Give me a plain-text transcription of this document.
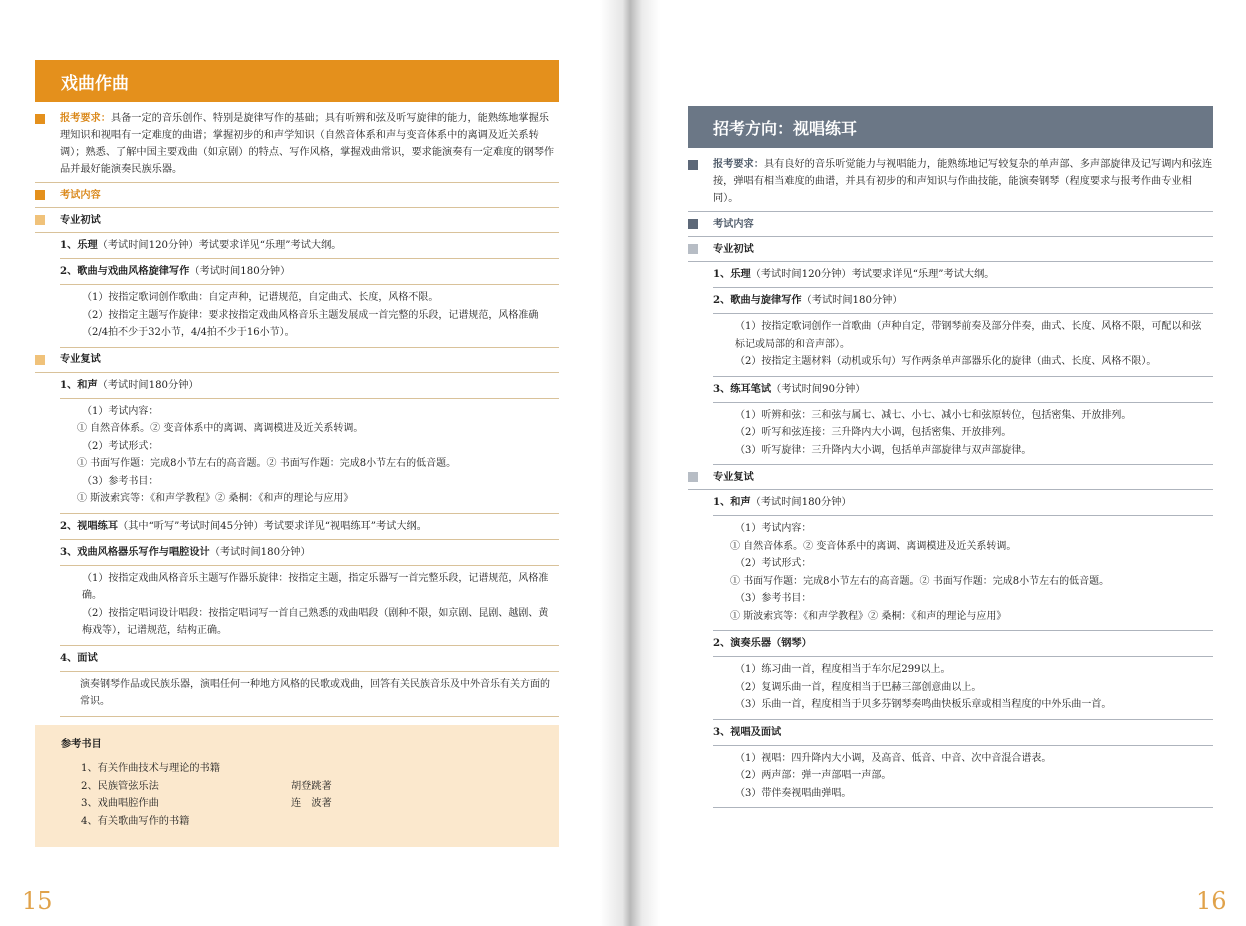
戏曲作曲
报考要求：具备一定的音乐创作、特别是旋律写作的基础；具有听辨和弦及听写旋律的能力，能熟练地掌握乐理知识和视唱有一定难度的曲谱；掌握初步的和声学知识（自然音体系和声与变音体系中的离调及近关系转调）；熟悉、了解中国主要戏曲（如京剧）的特点、写作风格，掌握戏曲常识，要求能演奏有一定难度的钢琴作品并最好能演奏民族乐器。
考试内容
专业初试
1、乐理（考试时间120分钟）考试要求详见“乐理”考试大纲。
2、歌曲与戏曲风格旋律写作（考试时间180分钟）
（1）按指定歌词创作歌曲：自定声种，记谱规范，自定曲式、长度，风格不限。
（2）按指定主题写作旋律：要求按指定戏曲风格音乐主题发展成一首完整的乐段，记谱规范，风格准确（2/4拍不少于32小节，4/4拍不少于16小节）。
专业复试
1、和声（考试时间180分钟）
（1）考试内容：
① 自然音体系。② 变音体系中的离调、离调模进及近关系转调。
（2）考试形式：
① 书面写作题：完成8小节左右的高音题。② 书面写作题：完成8小节左右的低音题。
（3）参考书目：
① 斯波索宾等：《和声学教程》② 桑桐：《和声的理论与应用》
2、视唱练耳（其中“听写”考试时间45分钟）考试要求详见“视唱练耳”考试大纲。
3、戏曲风格器乐写作与唱腔设计（考试时间180分钟）
（1）按指定戏曲风格音乐主题写作器乐旋律：按指定主题，指定乐器写一首完整乐段，记谱规范，风格准确。
（2）按指定唱词设计唱段：按指定唱词写一首自己熟悉的戏曲唱段（剧种不限，如京剧、昆剧、越剧、黄梅戏等），记谱规范，结构正确。
4、面试
演奏钢琴作品或民族乐器，演唱任何一种地方风格的民歌或戏曲，回答有关民族音乐及中外音乐有关方面的常识。
参考书目
1、有关作曲技术与理论的书籍
2、民族管弦乐法	胡登跳著
3、戏曲唱腔作曲	连　波著
4、有关歌曲写作的书籍
15
招考方向：视唱练耳
报考要求：具有良好的音乐听觉能力与视唱能力，能熟练地记写较复杂的单声部、多声部旋律及记写调内和弦连接，弹唱有相当难度的曲谱，并具有初步的和声知识与作曲技能，能演奏钢琴（程度要求与报考作曲专业相同）。
考试内容
专业初试
1、乐理（考试时间120分钟）考试要求详见“乐理”考试大纲。
2、歌曲与旋律写作（考试时间180分钟）
（1）按指定歌词创作一首歌曲（声种自定，带钢琴前奏及部分伴奏，曲式、长度、风格不限，可配以和弦标记或局部的和音声部）。
（2）按指定主题材料（动机或乐句）写作两条单声部器乐化的旋律（曲式、长度、风格不限）。
3、练耳笔试（考试时间90分钟）
（1）听辨和弦：三和弦与属七、减七、小七、减小七和弦原转位，包括密集、开放排列。
（2）听写和弦连接：三升降内大小调，包括密集、开放排列。
（3）听写旋律：三升降内大小调，包括单声部旋律与双声部旋律。
专业复试
1、和声（考试时间180分钟）
（1）考试内容：
① 自然音体系。② 变音体系中的离调、离调模进及近关系转调。
（2）考试形式：
① 书面写作题：完成8小节左右的高音题。② 书面写作题：完成8小节左右的低音题。
（3）参考书目：
① 斯波索宾等：《和声学教程》② 桑桐：《和声的理论与应用》
2、演奏乐器（钢琴）
（1）练习曲一首，程度相当于车尔尼299以上。
（2）复调乐曲一首，程度相当于巴赫三部创意曲以上。
（3）乐曲一首，程度相当于贝多芬钢琴奏鸣曲快板乐章或相当程度的中外乐曲一首。
3、视唱及面试
（1）视唱：四升降内大小调，及高音、低音、中音、次中音混合谱表。
（2）两声部：弹一声部唱一声部。
（3）带伴奏视唱曲弹唱。
16
